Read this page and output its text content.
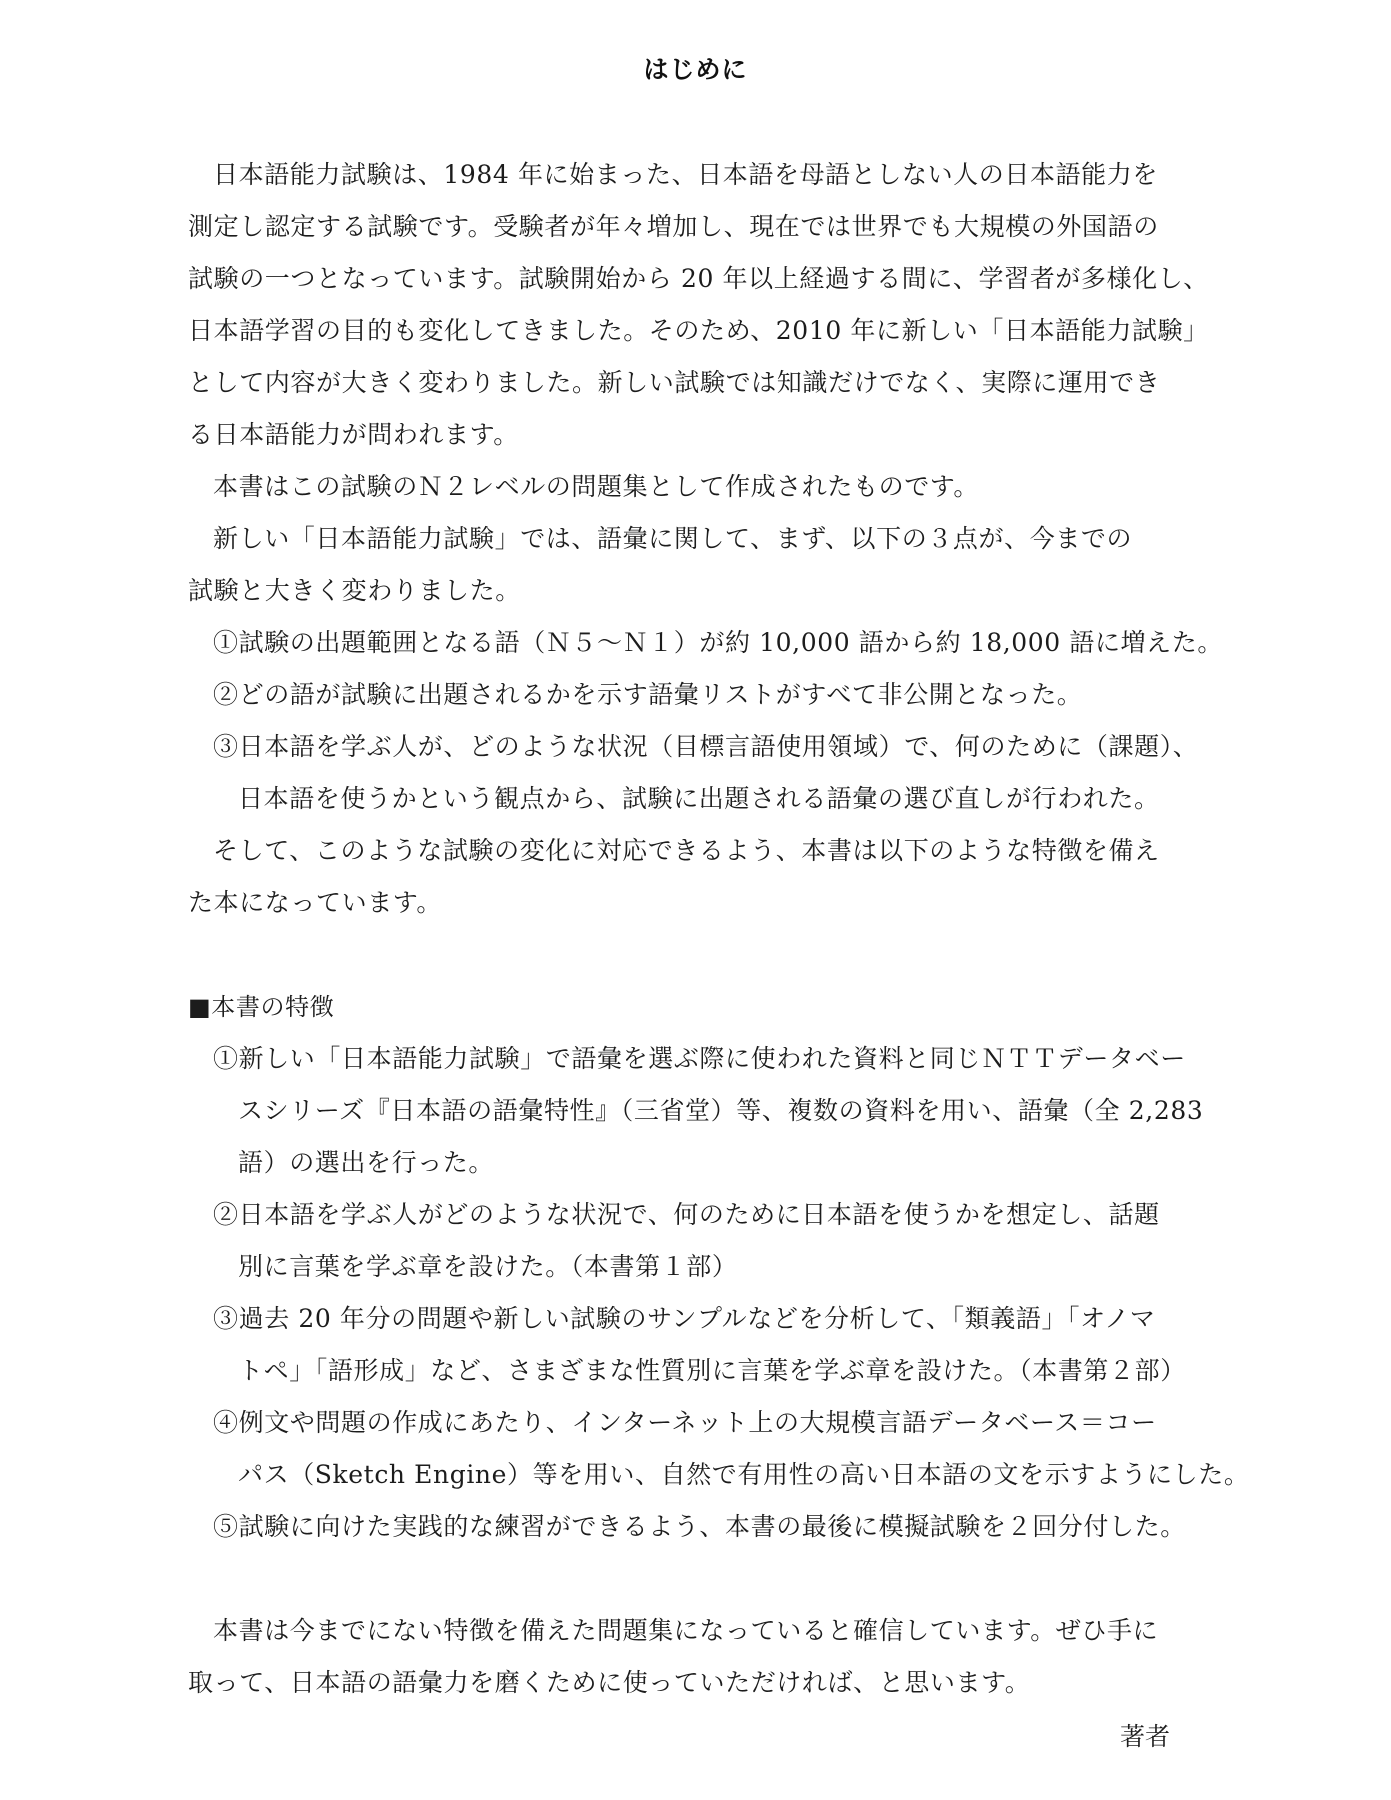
はじめに
日本語能力試験は、1984 年に始まった、日本語を母語としない人の日本語能力を
測定し認定する試験です。受験者が年々増加し、現在では世界でも大規模の外国語の
試験の一つとなっています。試験開始から 20 年以上経過する間に、学習者が多様化し、
日本語学習の目的も変化してきました。そのため、2010 年に新しい「日本語能力試験」
として内容が大きく変わりました。新しい試験では知識だけでなく、実際に運用でき
る日本語能力が問われます。
本書はこの試験のＮ２レベルの問題集として作成されたものです。
新しい「日本語能力試験」では、語彙に関して、まず、以下の３点が、今までの
試験と大きく変わりました。
①試験の出題範囲となる語（Ｎ５〜Ｎ１）が約 10,000 語から約 18,000 語に増えた。
②どの語が試験に出題されるかを示す語彙リストがすべて非公開となった。
③日本語を学ぶ人が、どのような状況（目標言語使用領域）で、何のために（課題）、
日本語を使うかという観点から、試験に出題される語彙の選び直しが行われた。
そして、このような試験の変化に対応できるよう、本書は以下のような特徴を備え
た本になっています。
■本書の特徴
①新しい「日本語能力試験」で語彙を選ぶ際に使われた資料と同じＮＴＴデータベー
スシリーズ『日本語の語彙特性』（三省堂）等、複数の資料を用い、語彙（全 2,283
語）の選出を行った。
②日本語を学ぶ人がどのような状況で、何のために日本語を使うかを想定し、話題
別に言葉を学ぶ章を設けた。（本書第１部）
③過去 20 年分の問題や新しい試験のサンプルなどを分析して、「類義語」「オノマ
トペ」「語形成」など、さまざまな性質別に言葉を学ぶ章を設けた。（本書第２部）
④例文や問題の作成にあたり、インターネット上の大規模言語データベース＝コー
パス（Sketch Engine）等を用い、自然で有用性の高い日本語の文を示すようにした。
⑤試験に向けた実践的な練習ができるよう、本書の最後に模擬試験を２回分付した。
本書は今までにない特徴を備えた問題集になっていると確信しています。ぜひ手に
取って、日本語の語彙力を磨くために使っていただければ、と思います。
著者
